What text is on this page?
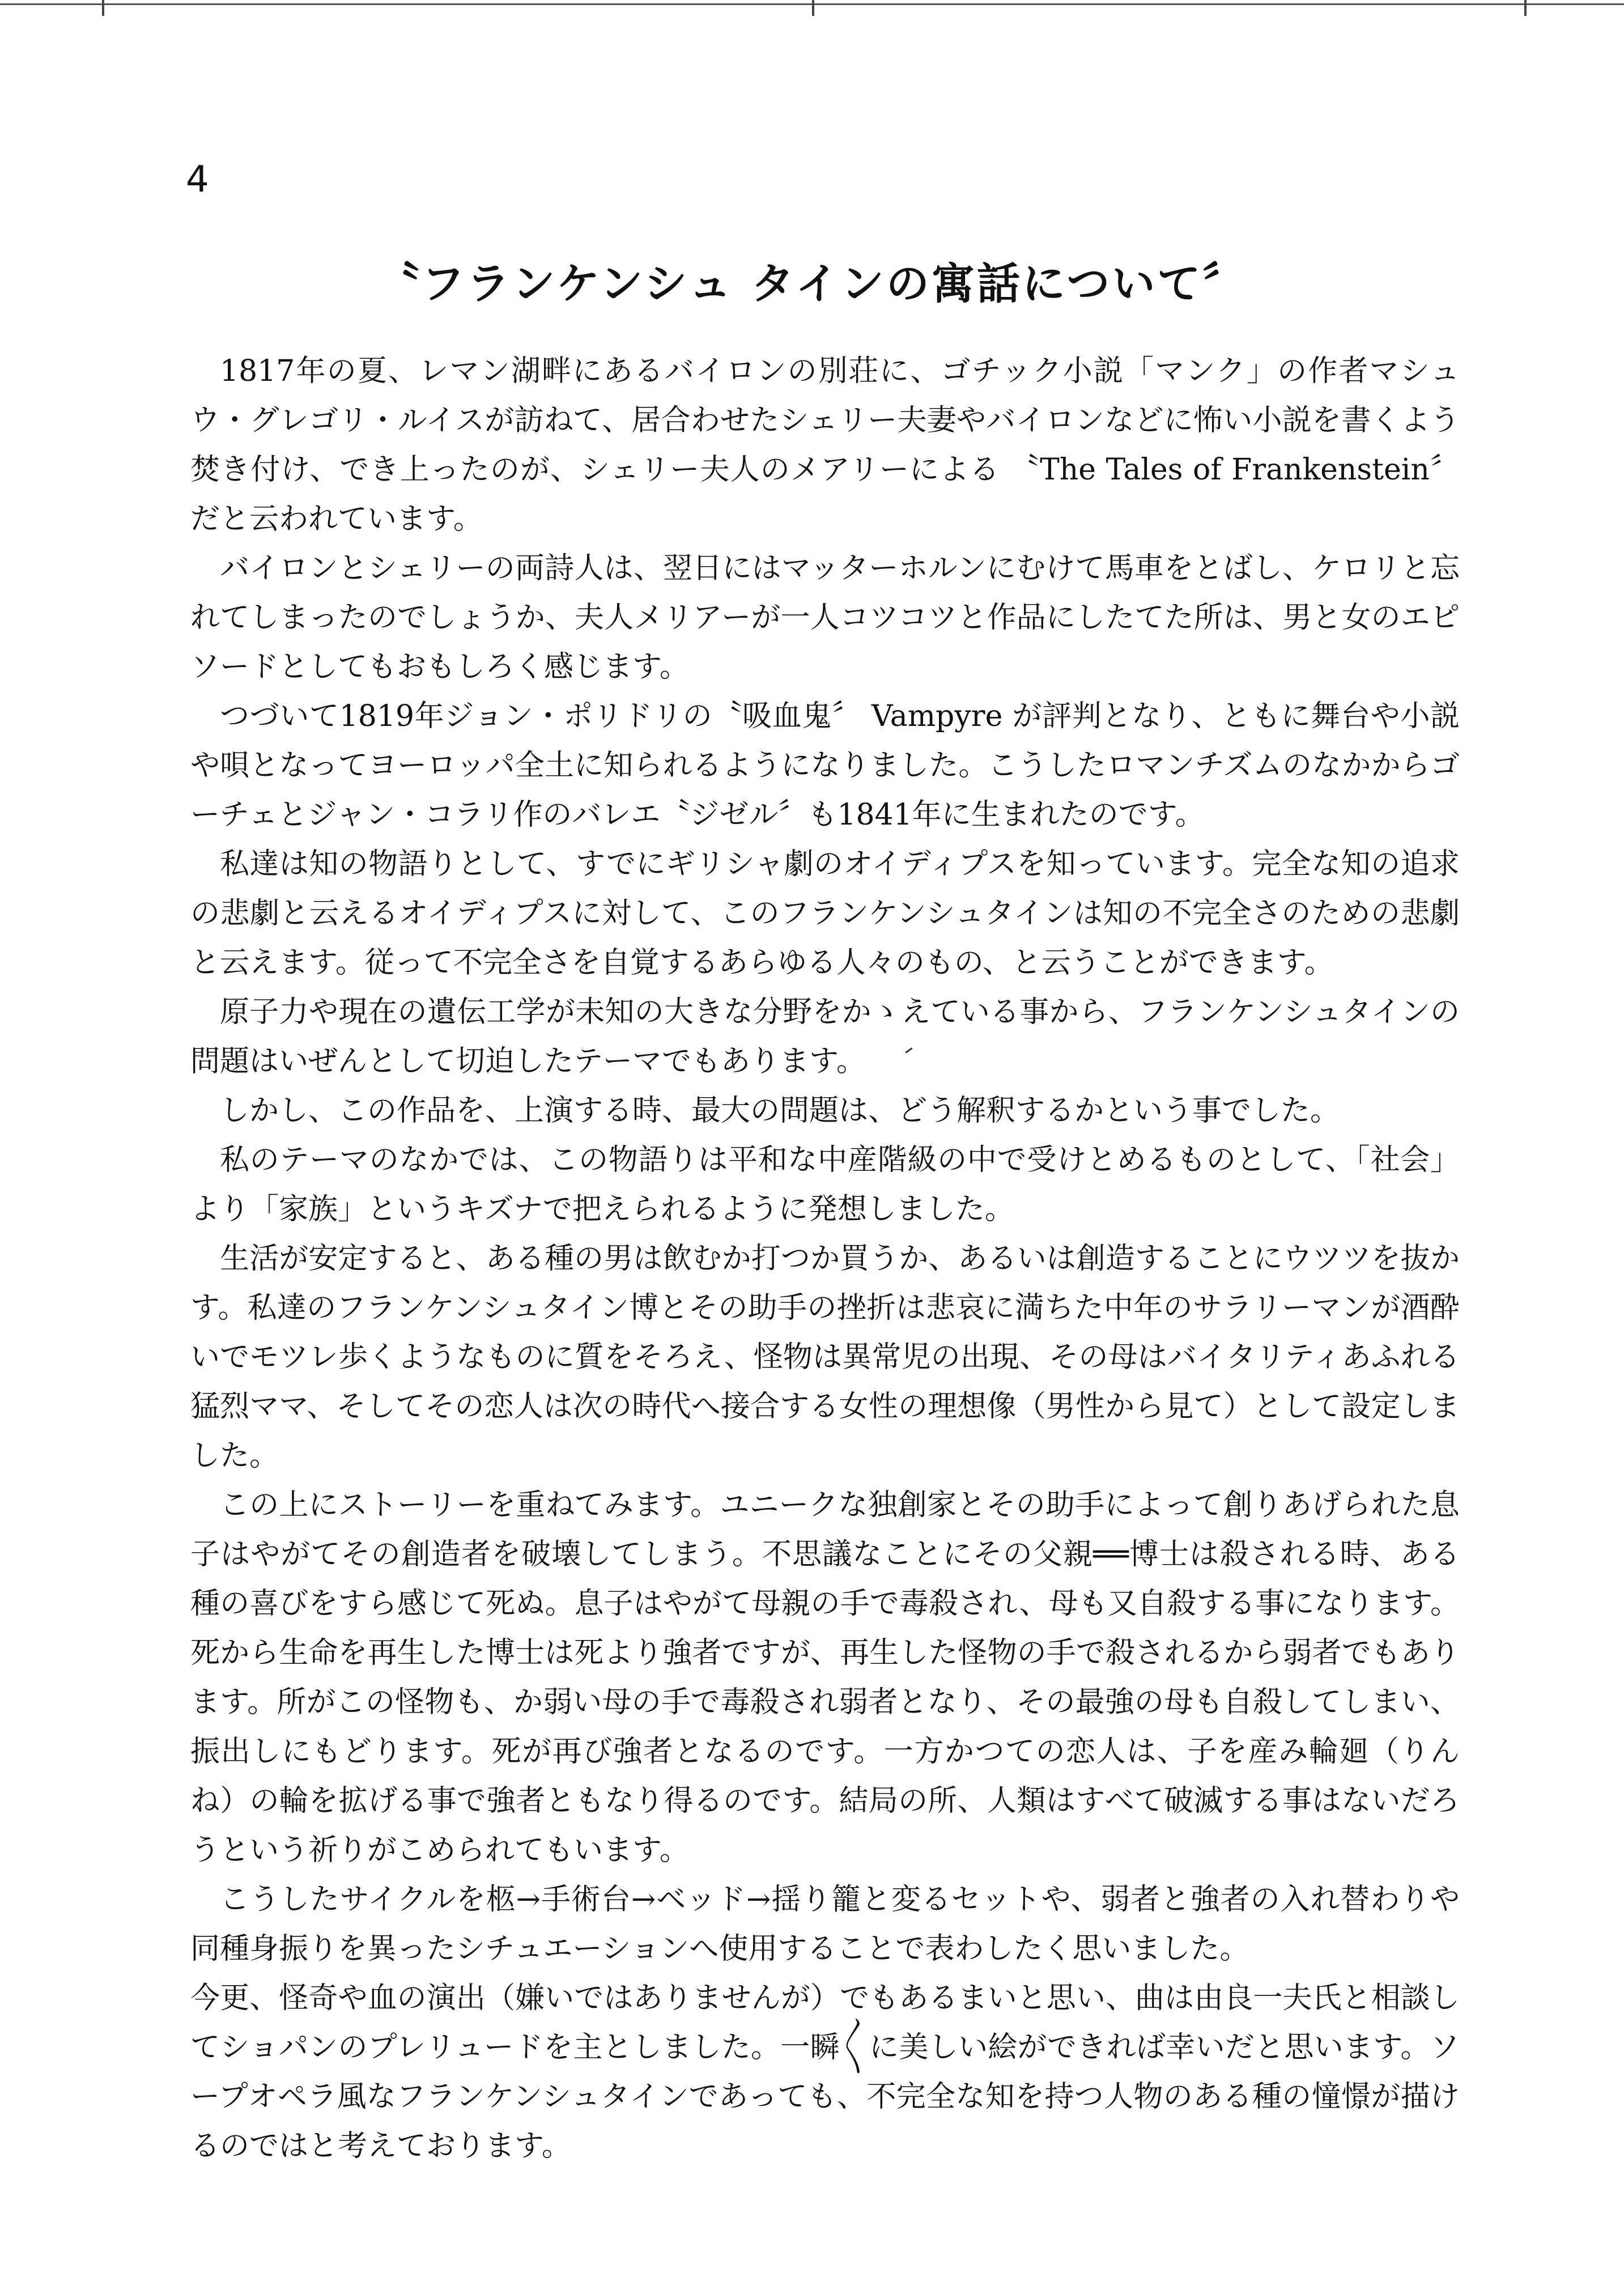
4
〝フランケンシュ タインの寓話について〞

1817年の夏、レマン湖畔にあるバイロンの別荘に、ゴチック小説「マンク」の作者マシュウ・グレゴリ・ルイスが訪ねて、居合わせたシェリー夫妻やバイロンなどに怖い小説を書くよう焚き付け、でき上ったのが、シェリー夫人のメアリーによる 〝The Tales of Frankenstein〞 だと云われています。

バイロンとシェリーの両詩人は、翌日にはマッターホルンにむけて馬車をとばし、ケロリと忘れてしまったのでしょうか、夫人メリアーが一人コツコツと作品にしたてた所は、男と女のエピソードとしてもおもしろく感じます。

つづいて1819年ジョン・ポリドリの〝吸血鬼〞 Vampyre が評判となり、ともに舞台や小説や唄となってヨーロッパ全土に知られるようになりました。こうしたロマンチズムのなかからゴーチェとジャン・コラリ作のバレエ〝ジゼル〞も1841年に生まれたのです。

私達は知の物語りとして、すでにギリシャ劇のオイディプスを知っています。完全な知の追求の悲劇と云えるオイディプスに対して、このフランケンシュタインは知の不完全さのための悲劇と云えます。従って不完全さを自覚するあらゆる人々のもの、と云うことができます。

原子力や現在の遺伝工学が未知の大きな分野をかゝえている事から、フランケンシュタインの問題はいぜんとして切迫したテーマでもあります。

しかし、この作品を、上演する時、最大の問題は、どう解釈するかという事でした。

私のテーマのなかでは、この物語りは平和な中産階級の中で受けとめるものとして、「社会」より「家族」というキズナで把えられるように発想しました。

生活が安定すると、ある種の男は飲むか打つか買うか、あるいは創造することにウツツを抜かす。私達のフランケンシュタイン博とその助手の挫折は悲哀に満ちた中年のサラリーマンが酒酔いでモツレ歩くようなものに質をそろえ、怪物は異常児の出現、その母はバイタリティあふれる猛烈ママ、そしてその恋人は次の時代へ接合する女性の理想像（男性から見て）として設定しました。

この上にストーリーを重ねてみます。ユニークな独創家とその助手によって創りあげられた息子はやがてその創造者を破壊してしまう。不思議なことにその父親══博士は殺される時、ある種の喜びをすら感じて死ぬ。息子はやがて母親の手で毒殺され、母も又自殺する事になります。死から生命を再生した博士は死より強者ですが、再生した怪物の手で殺されるから弱者でもあります。所がこの怪物も、か弱い母の手で毒殺され弱者となり、その最強の母も自殺してしまい、振出しにもどります。死が再び強者となるのです。一方かつての恋人は、子を産み輪廻（りんね）の輪を拡げる事で強者ともなり得るのです。結局の所、人類はすべて破滅する事はないだろうという祈りがこめられてもいます。

こうしたサイクルを柩→手術台→ベッド→揺り籠と変るセットや、弱者と強者の入れ替わりや同種身振りを異ったシチュエーションへ使用することで表わしたく思いました。

今更、怪奇や血の演出（嫌いではありませんが）でもあるまいと思い、曲は由良一夫氏と相談してショパンのプレリュードを主としました。一瞬〳〵に美しい絵ができれば幸いだと思います。ソープオペラ風なフランケンシュタインであっても、不完全な知を持つ人物のある種の憧憬が描けるのではと考えております。
